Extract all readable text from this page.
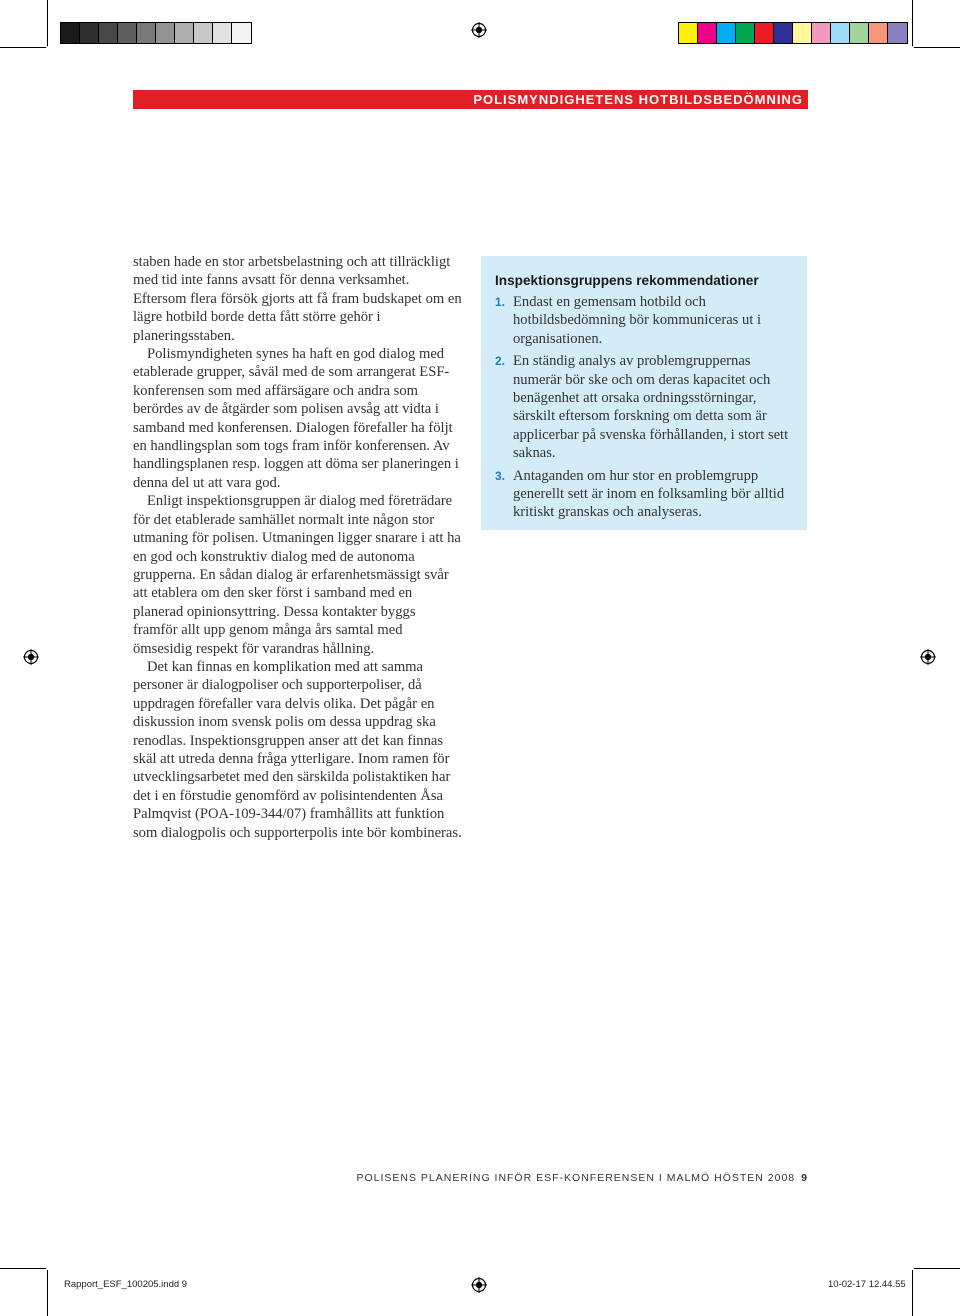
POLISMYNDIGHETENS HOTBILDSBEDÖMNING

staben hade en stor arbetsbelastning och att tillräckligt med tid inte fanns avsatt för denna verksamhet. Eftersom flera försök gjorts att få fram budskapet om en lägre hotbild borde detta fått större gehör i planeringsstaben.

Polismyndigheten synes ha haft en god dialog med etablerade grupper, såväl med de som arrangerat ESF-konferensen som med affärsägare och andra som berördes av de åtgärder som polisen avsåg att vidta i samband med konferensen. Dialogen förefaller ha följt en handlingsplan som togs fram inför konferensen. Av handlingsplanen resp. loggen att döma ser planeringen i denna del ut att vara god.

Enligt inspektionsgruppen är dialog med företrädare för det etablerade samhället normalt inte någon stor utmaning för polisen. Utmaningen ligger snarare i att ha en god och konstruktiv dialog med de autonoma grupperna. En sådan dialog är erfarenhetsmässigt svår att etablera om den sker först i samband med en planerad opinionsyttring. Dessa kontakter byggs framför allt upp genom många års samtal med ömsesidig respekt för varandras hållning.

Det kan finnas en komplikation med att samma personer är dialogpoliser och supporterpoliser, då uppdragen förefaller vara delvis olika. Det pågår en diskussion inom svensk polis om dessa uppdrag ska renodlas. Inspektionsgruppen anser att det kan finnas skäl att utreda denna fråga ytterligare. Inom ramen för utvecklingsarbetet med den särskilda polistaktiken har det i en förstudie genomförd av polisintendenten Åsa Palmqvist (POA-109-344/07) framhållits att funktion som dialogpolis och supporterpolis inte bör kombineras.

Inspektionsgruppens rekommendationer
1. Endast en gemensam hotbild och hotbildsbedömning bör kommuniceras ut i organisationen.
2. En ständig analys av problemgruppernas numerär bör ske och om deras kapacitet och benägenhet att orsaka ordningsstörningar, särskilt eftersom forskning om detta som är applicerbar på svenska förhållanden, i stort sett saknas.
3. Antaganden om hur stor en problemgrupp generellt sett är inom en folksamling bör alltid kritiskt granskas och analyseras.
POLISENS PLANERING INFÖR ESF-KONFERENSEN I MALMÖ HÖSTEN 2008 9
Rapport_ESF_100205.indd 9	10-02-17 12.44.55
